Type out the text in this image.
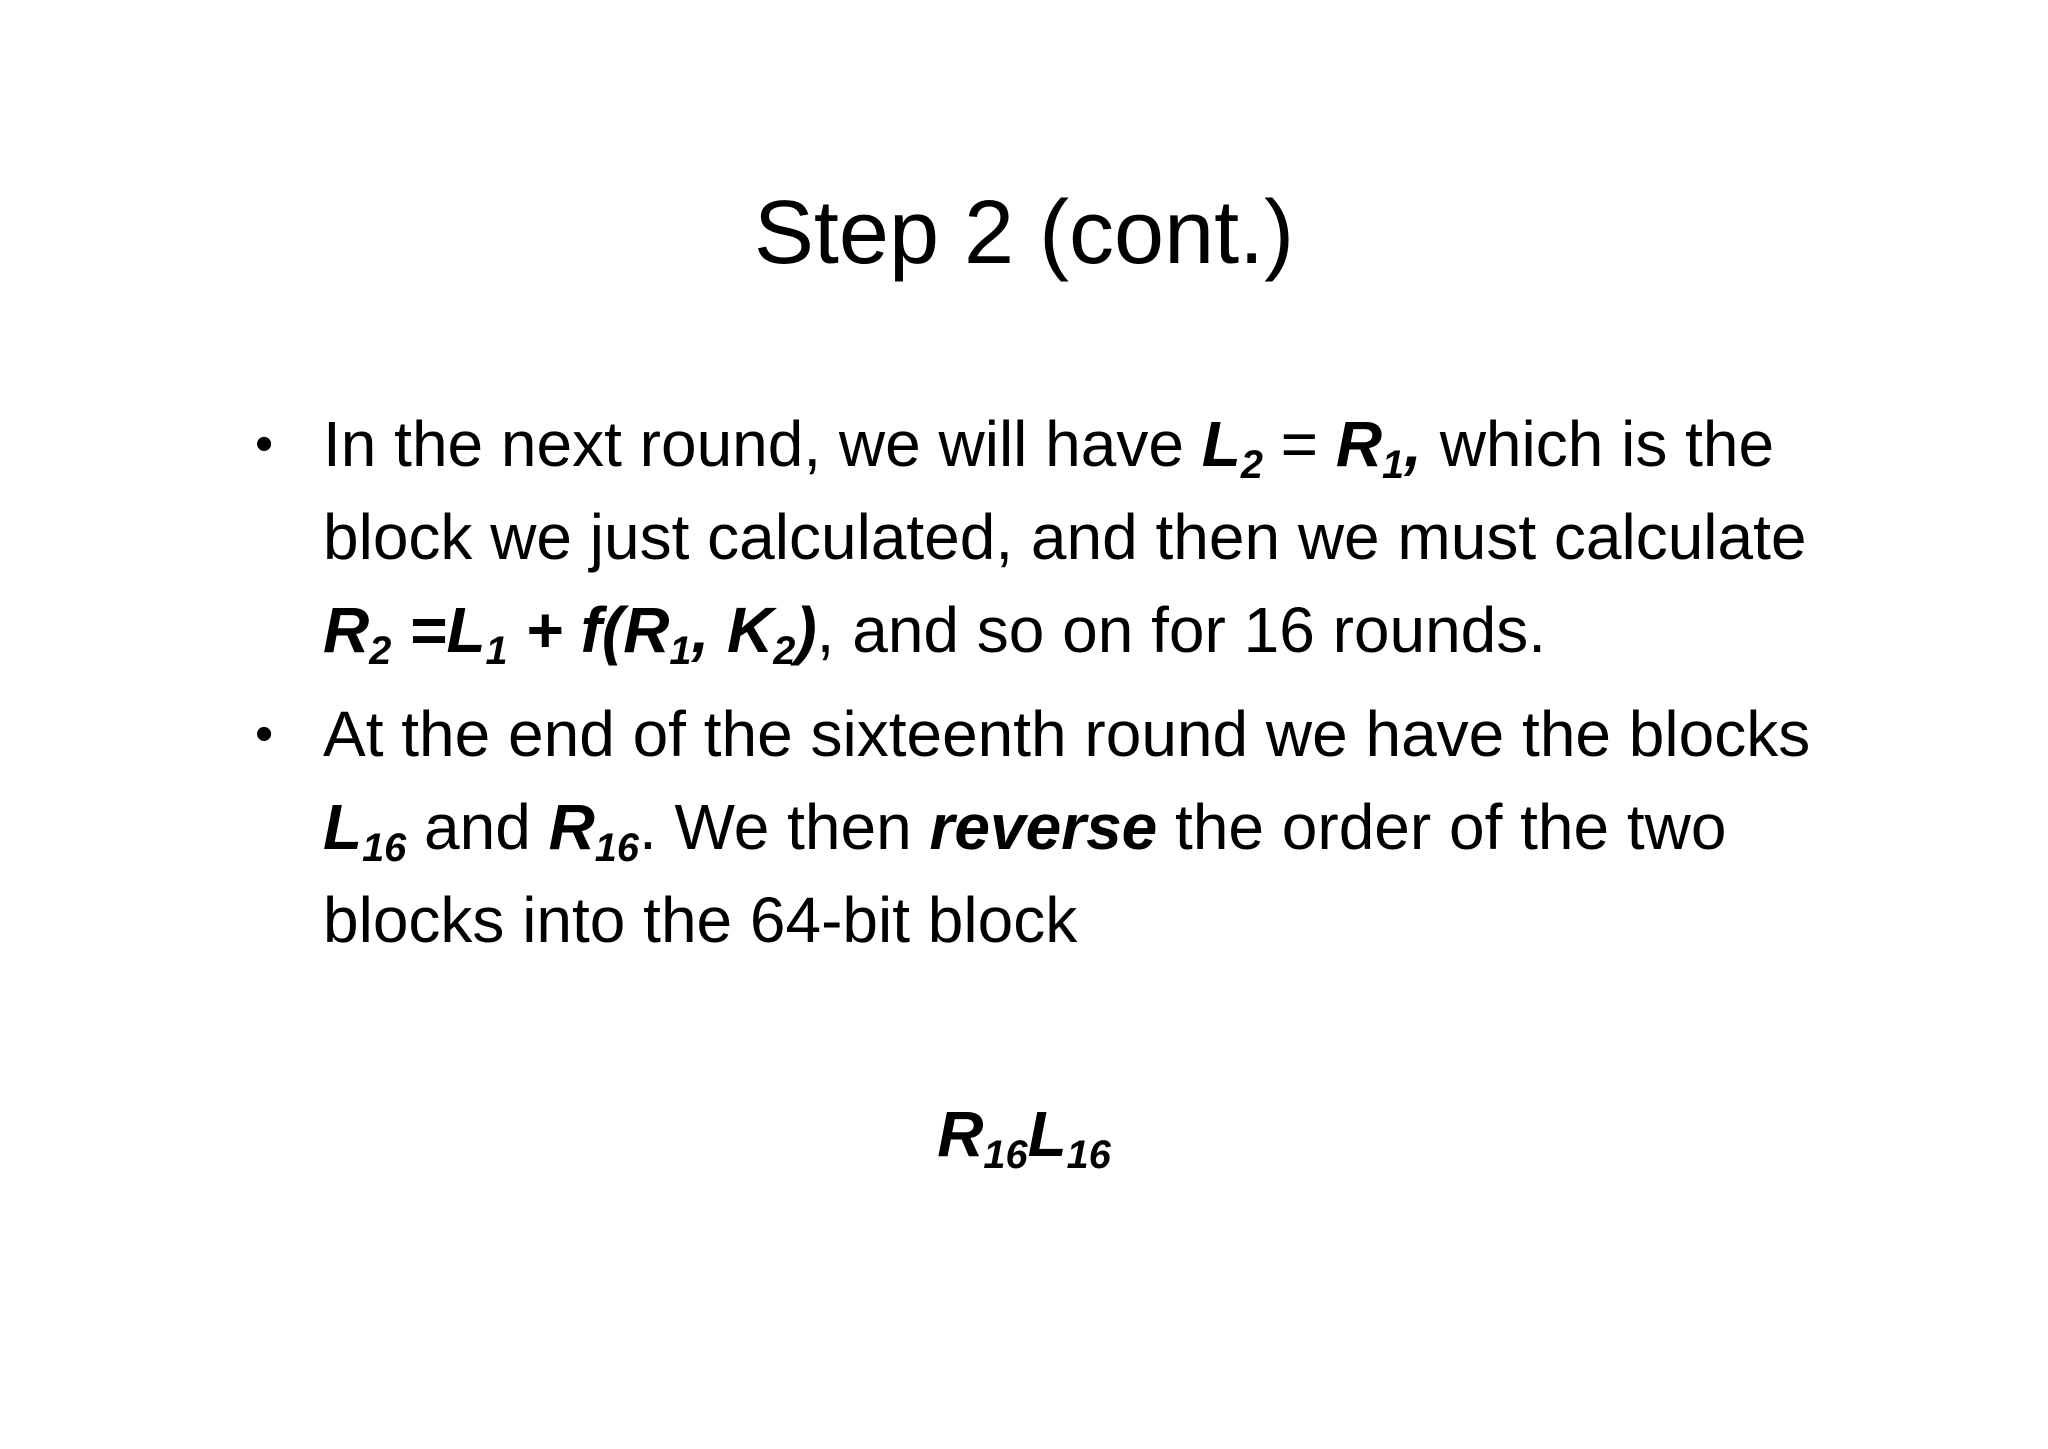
Step 2 (cont.)
• In the next round, we will have $L_2 = R_1$, which is the block we just calculated, and then we must calculate $R_2 =L_1 + f(R_1$, $K_2$), and so on for 16 rounds.
• At the end of the sixteenth round we have the blocks $L_{16}$ and $R_{16}$. We then reverse the order of the two blocks into the 64-bit block
$R_{16}L_{16}$
